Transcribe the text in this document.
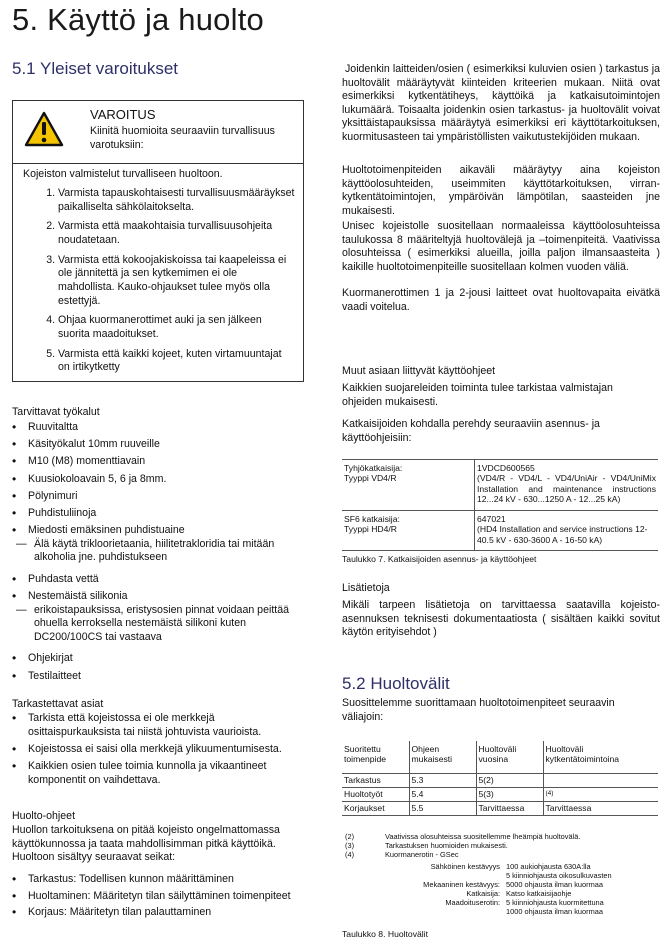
5. Käyttö ja huolto
5.1 Yleiset varoitukset
VAROITUS
Kiinitä huomioita seuraaviin turvallisuus varotuksiin:
Kojeiston valmistelut turvalliseen huoltoon.
1. Varmista tapauskohtaisesti turvallisuusmääräykset paikalliselta sähkölaitokselta.
2. Varmista että maakohtaisia turvallisuusohjeita noudatetaan.
3. Varmista että kokoojakiskoissa tai kaapeleissa ei ole jännitettä ja sen kytkemimen ei ole mahdollista. Kauko-ohjaukset tulee myös olla estettyjä.
4. Ohjaa kuormanerottimet auki ja sen jälkeen suorita maadoitukset.
5. Varmista että kaikki kojeet, kuten virtamuuntajat on irtikytketty
Tarvittavat työkalut
• Ruuvitaltta
• Käsityökalut 10mm ruuveille
• M10 (M8) momenttiavain
• Kuusiokoloavain 5, 6 ja 8mm.
• Pölynimuri
• Puhdistuliinoja
• Miedosti emäksinen puhdistuaine
— Älä käytä trikloorietaania, hiilitetrakloridia tai mitään alkoholia jne. puhdistukseen
• Puhdasta vettä
• Nestemäistä silikonia
— erikoistapauksissa, eristysosien pinnat voidaan peittää ohuella kerroksella nestemäistä silikoni kuten DC200/100CS tai vastaava
• Ohjekirjat
• Testilaitteet
Tarkastettavat asiat
• Tarkista että kojeistossa ei ole merkkejä osittaispurkauksista tai niistä johtuvista vaurioista.
• Kojeistossa ei saisi olla merkkejä ylikuumentumisesta.
• Kaikkien osien tulee toimia kunnolla ja vikaantineet komponentit on vaihdettava.
Huolto-ohjeet
Huollon tarkoituksena on pitää kojeisto ongelmattomassa käyttökunnossa ja taata mahdollisimman pitkä käyttöikä. Huoltoon sisältyy seuraavat seikat:
• Tarkastus: Todellisen kunnon määrittäminen
• Huoltaminen: Määritetyn tilan säilyttäminen toimenpiteet
• Korjaus: Määritetyn tilan palauttaminen
Joidenkin laitteiden/osien ( esimerkiksi kuluvien osien ) tarkastus ja huoltovälit määräytyvät kiinteiden kriteerien mukaan. Niitä ovat esimerkiksi kytkentätiheys, käyttöikä ja katkaisutoimintojen lukumäärä. Toisaalta joidenkin osien tarkastus- ja huoltovälit voivat yksittäistapauksissa määräytyä esimerkiksi eri käyttötarkoituksen, kuormitusasteen tai ympäristöllisten vaikutustekijöiden mukaan.
Huoltotoimenpiteiden aikaväli määräytyy aina kojeiston käyttöolosuhteiden, useimmiten käyttötarkoituksen, virran-kytkentätoimintojen, ympäröivän lämpötilan, saasteiden jne mukaisesti.
Unisec kojeistolle suositellaan normaaleissa käyttöolosuhteissa taulukossa 8 määriteltyjä huoltovälejä ja –toimenpiteitä. Vaativissa olosuhteissa ( esimerkiksi alueilla, joilla paljon ilmansaasteita ) kaikille huoltotoimenpiteille suositellaan kolmen vuoden väliä.
Kuormanerottimen 1 ja 2-jousi laitteet ovat huoltovapaita eivätkä vaadi voitelua.
Muut asiaan liittyvät käyttöohjeet
Kaikkien suojareleiden toiminta tulee tarkistaa valmistajan ohjeiden mukaisesti.
Katkaisijoiden kohdalla perehdy seuraaviin asennus- ja käyttöohjeisiin:
Tyhjökatkaisija:
Tyyppi VD4/R	1VDCD600565
(VD4/R - VD4/L - VD4/UniAir - VD4/UniMix Installation and maintenance instructions 12...24 kV - 630...1250 A - 12...25 kA)
SF6 katkaisija:
Tyyppi HD4/R	647021
(HD4 Installation and service instructions 12-40.5 kV - 630-3600 A - 16-50 kA)
Taulukko 7. Katkaisijoiden asennus- ja käyttöohjeet
Lisätietoja
Mikäli tarpeen lisätietoja on tarvittaessa saatavilla kojeisto-asennuksen teknisesti dokumentaatiosta ( sisältäen kaikki sovitut käytön erityisehdot )
5.2 Huoltovälit
Suosittelemme suorittamaan huoltotoimenpiteet seuraavin väliajoin:
Suoritettu toimenpide	Ohjeen mukaisesti	Huoltoväli vuosina	Huoltoväli kytkentätoimintoina
Tarkastus	5.3	5(2)	
Huoltotyöt	5.4	5(3)	(4)
Korjaukset	5.5	Tarvittaessa	Tarvittaessa
(2)	Vaativissa olosuhteissa suositellemme lheämpiä huoltovälä.
(3)	Tarkastuksen huomioiden mukaisesti.
(4)	Kuormanerotin - GSec
Sähköinen kestävyys 100 aukiohjausta 630A:lla
5 kiinniohjausta oikosulkuvasten
Mekaaninen kestävyys: 5000 ohjausta ilman kuormaa
Katkaisija: Katso katkaisijaohje
Maadoituserotin: 5 kiinniohjausta kuormitettuna
1000 ohjausta ilman kuormaa
Taulukko 8. Huoltovälit
